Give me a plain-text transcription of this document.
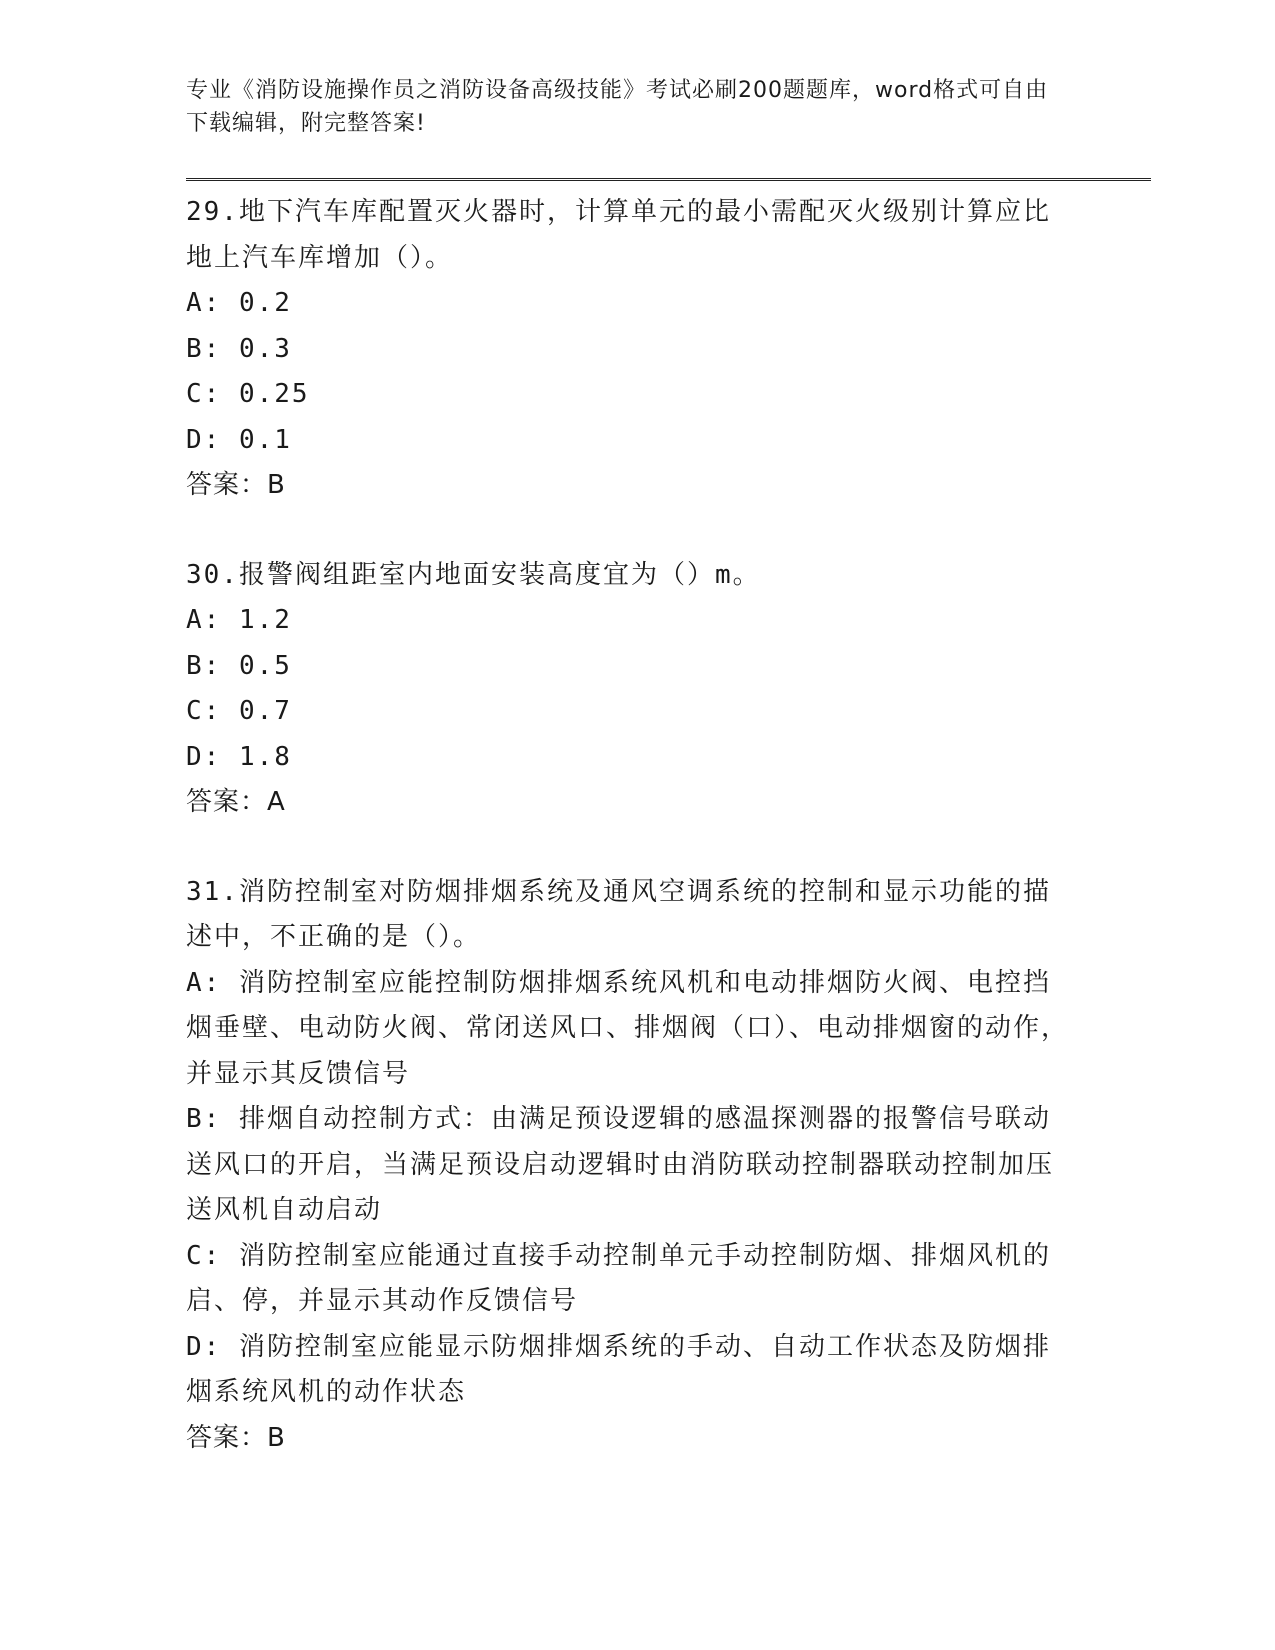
专业《消防设施操作员之消防设备高级技能》考试必刷200题题库，word格式可自由下载编辑，附完整答案!
29.地下汽车库配置灭火器时，计算单元的最小需配灭火级别计算应比地上汽车库增加（）。
A: 0.2
B: 0.3
C: 0.25
D: 0.1
答案：B
30.报警阀组距室内地面安装高度宜为（）m。
A: 1.2
B: 0.5
C: 0.7
D: 1.8
答案：A
31.消防控制室对防烟排烟系统及通风空调系统的控制和显示功能的描述中，不正确的是（）。
A: 消防控制室应能控制防烟排烟系统风机和电动排烟防火阀、电控挡烟垂壁、电动防火阀、常闭送风口、排烟阀（口）、电动排烟窗的动作，并显示其反馈信号
B: 排烟自动控制方式：由满足预设逻辑的感温探测器的报警信号联动送风口的开启，当满足预设启动逻辑时由消防联动控制器联动控制加压送风机自动启动
C: 消防控制室应能通过直接手动控制单元手动控制防烟、排烟风机的启、停，并显示其动作反馈信号
D: 消防控制室应能显示防烟排烟系统的手动、自动工作状态及防烟排烟系统风机的动作状态
答案：B
